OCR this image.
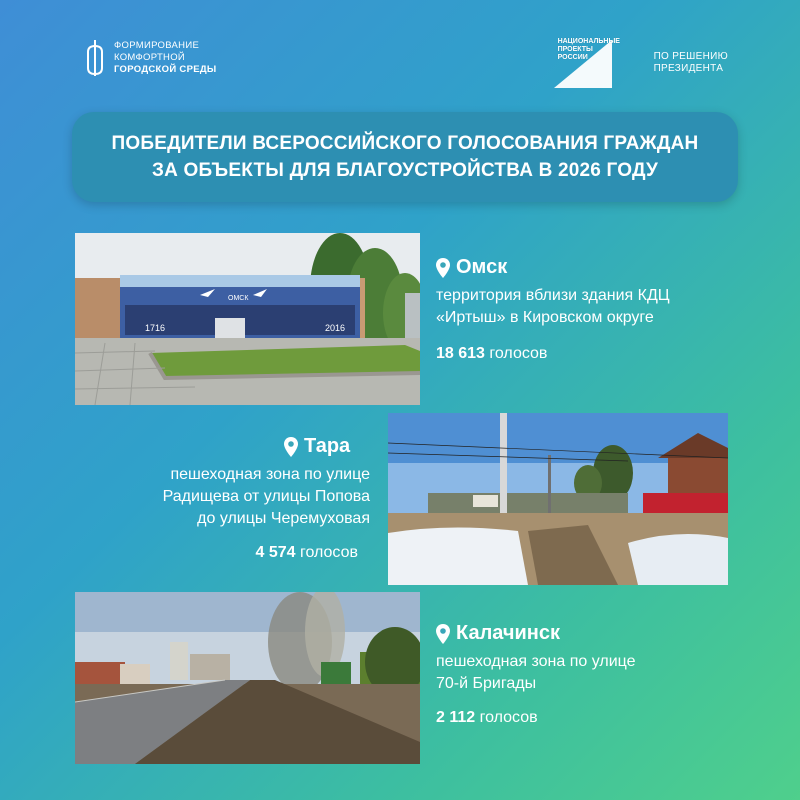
ФОРМИРОВАНИЕ
КОМФОРТНОЙ
ГОРОДСКОЙ СРЕДЫ
НАЦИОНАЛЬНЫЕ
ПРОЕКТЫ
РОССИИ	ПО РЕШЕНИЮ
ПРЕЗИДЕНТА
ПОБЕДИТЕЛИ ВСЕРОССИЙСКОГО ГОЛОСОВАНИЯ ГРАЖДАН
ЗА ОБЪЕКТЫ ДЛЯ БЛАГОУСТРОЙСТВА В 2026 ГОДУ
1716	2016
ОМСК
Омск
территория вблизи здания КДЦ
«Иртыш» в Кировском округе
18 613 голосов
Тара
пешеходная зона по улице
Радищева от улицы Попова
до улицы Черемуховая
4 574 голосов
Калачинск
пешеходная зона по улице
70-й Бригады
2 112 голосов
